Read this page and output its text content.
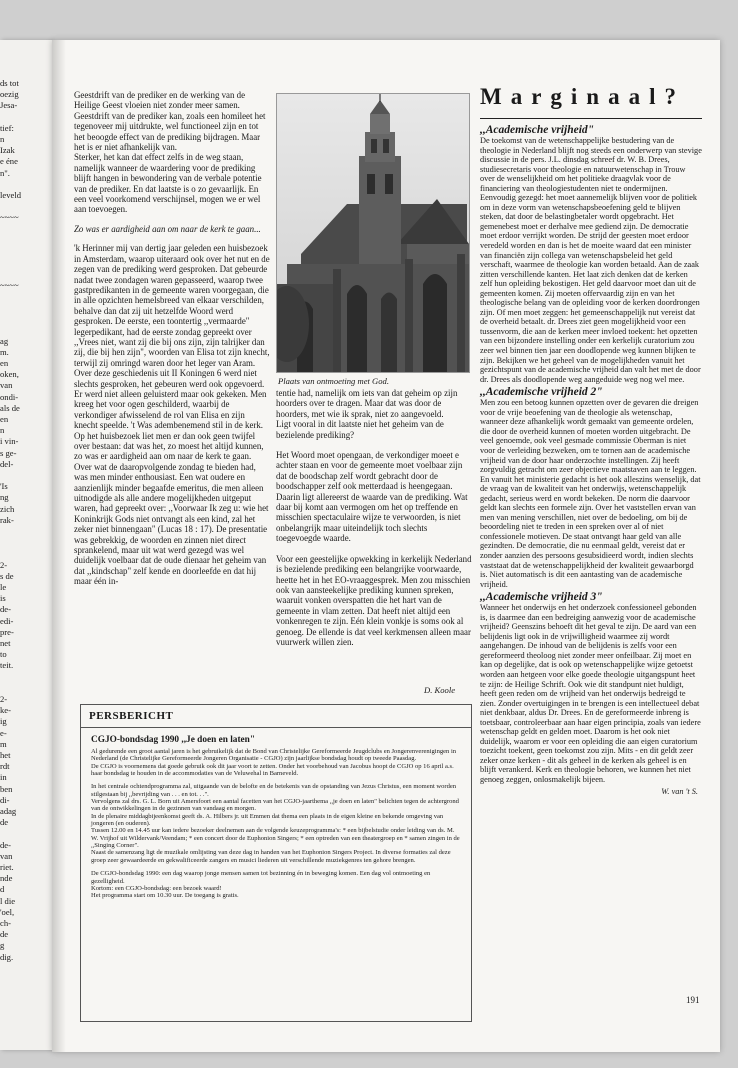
ds tot
oezig
Jesa-
tief:
n
Izak
e éne
n".
leveld
~~~~
~~~~
ag
m.
en
oken,
van
ondi-
als de
en
n
i vin-
s ge-
del-
'Is
ng
zich
rak-
2-
s de
le
is
de-
edi-
pre-
net
to
teit.
2-
ke-
ig
e-
m
het
rdt
in
ben
di-
adag
de
de-
van
riet.
nde
d
l die
'oel,
ch-
de
g
dig.

Geestdrift van de prediker en de werking van de Heilige Geest vloeien niet zonder meer samen. Geestdrift van de prediker kan, zoals een homileet het tegenoveer mij uitdrukte, wel functioneel zijn en tot het beoogde effect van de prediking bijdragen. Maar het is er niet afhankelijk van.

Sterker, het kan dat effect zelfs in de weg staan, namelijk wanneer de waardering voor de prediking blijft hangen in bewondering van de verbale potentie van de prediker. En dat laatste is o zo gevaarlijk. En een veel voorkomend verschijnsel, mogen we er wel aan toevoegen.

Zo was er aardigheid aan om naar de kerk te gaan...

'k Herinner mij van dertig jaar geleden een huisbezoek in Amsterdam, waarop uiteraard ook over het nut en de zegen van de prediking werd gesproken. Dat gebeurde nadat twee zondagen waren gepasseerd, waarop twee gastpredikanten in de gemeente waren voorgegaan, die in alle opzichten hemelsbreed van elkaar verschilden, behalve dan dat zij uit hetzelfde Woord werd gesproken. De eerste, een toontertig ,,vermaarde" legerpedikant, had de eerste zondag gepreekt over ,,Vrees niet, want zij die bij ons zijn, zijn talrijker dan zij, die bij hen zijn", woorden van Elisa tot zijn knecht, terwijl zij omringd waren door het leger van Aram. Over deze geschiedenis uit II Koningen 6 werd niet slechts gesproken, het gebeuren werd ook opgevoerd. Er werd niet alleen geluisterd maar ook gekeken. Men kreeg het voor ogen geschilderd, waarbij de verkondiger afwisselend de rol van Elisa en zijn knecht speelde. 't Was adembenemend stil in de kerk. Op het huisbezoek liet men er dan ook geen twijfel over bestaan: dat was het, zo moest het altijd kunnen, zo was er aardigheid aan om naar de kerk te gaan.

Over wat de daaropvolgende zondag te bieden had, was men minder enthousiast. Een wat oudere en aanzienlijk minder begaafde emeritus, die men alleen uitnodigde als alle andere mogelijkheden uitgeput waren, had gepreekt over: ,,Voorwaar Ik zeg u: wie het Koninkrijk Gods niet ontvangt als een kind, zal het zeker niet binnengaan" (Lucas 18 : 17). De presentatie was gebrekkig, de woorden en zinnen niet direct sprankelend, maar uit wat werd gezegd was wel duidelijk voelbaar dat de oude dienaar het geheim van dat ,,kindschap" zelf kende en doorleefde en dat hij maar één in-

Plaats van ontmoeting met God.

tentie had, namelijk om iets van dat geheim op zijn hoorders over te dragen. Maar dat was door de hoorders, met wie ik sprak, niet zo aangevoeld.

Ligt vooral in dit laatste niet het geheim van de bezielende prediking?

Het Woord moet opengaan, de verkondiger moeet e achter staan en voor de gemeente moet voelbaar zijn dat de boodschap zelf wordt gebracht door de boodschapper zelf ook metterdaad is heengegaan. Daarin ligt allereerst de waarde van de prediking. Wat daar bij komt aan vermogen om het op treffende en misschien spectaculaire wijze te verwoorden, is niet onbelangrijk maar uiteindelijk toch slechts toegevoegde waarde.

Voor een geestelijke opwekking in kerkelijk Nederland is bezielende prediking een belangrijke voorwaarde, heette het in het EO-vraaggesprek. Men zou misschien ook van aansteekelijke prediking kunnen spreken, waaruit vonken overspatten die het hart van de gemeente in vlam zetten. Dat heeft niet altijd een vonkenregen te zijn. Eén klein vonkje is soms ook al genoeg. De ellende is dat veel kerkmensen alleen maar vuurwerk willen zien.

D. Koole
Marginaal?
,,Academische vrijheid"

De toekomst van de wetenschappelijke bestudering van de theologie in Nederland blijft nog steeds een onderwerp van stevige discussie in de pers. J.L. dinsdag schreef dr. W. B. Drees, studiesecretaris voor theologie en natuurwetenschap in Trouw over de wenselijkheid om het politieke draagvlak voor de financiering van theologiestudenten niet te ondermijnen. Eenvoudig gezegd: het moet aannemelijk blijven voor de politiek om in deze vorm van wetenschapsbeoefening geld te blijven steken, dat door de belastingbetaler wordt opgebracht. Het gemenebest moet er derhalve mee gediend zijn. De democratie moet erdoor verrijkt worden. De strijd der geesten moet erdoor veredeld worden en dan is het de moeite waard dat een minister van financiën zijn collega van wetenschapsbeleid het geld verschaft, waarmee de theologie kan worden betaald. Aan de zaak zitten verschillende kanten. Het laat zich denken dat de kerken zelf hun opleiding bekostigen. Het geld daarvoor moet dan uit de gemeenten komen. Zij moeten offervaardig zijn en van het theologische belang van de opleiding voor de kerken doordrongen zijn. Of men moet zeggen: het gemeenschappelijk nut vereist dat de overheid betaalt. dr. Drees ziet geen mogelijkheid voor een tussenvorm, die aan de kerken meer invloed toekent: het opzetten van een bijzondere instelling onder een kerkelijk curatorium zou zeer wel binnen tien jaar een doodlopende weg kunnen blijken te zijn. Bekijken we het geheel van de mogelijkheden vanuit het gezichtspunt van de academische vrijheid dan valt het met de door dr. Drees als doodlopende weg aangeduide weg nog wel mee.

,,Academische vrijheid 2"

Men zou een betoog kunnen opzetten over de gevaren die dreigen voor de vrije beoefening van de theologie als wetenschap, wanneer deze afhankelijk wordt gemaakt van gemeente ordelen, die door de overheid kunnen of moeten worden uitgebracht. De veel genoemde, ook veel gesmade commissie Oberman is niet voor de verleiding bezweken, om te tornen aan de academische vrijheid van de door haar onderzochte instellingen. Zij heeft zorgvuldig getracht om zeer objectieve maatstaven aan te leggen. En vanuit het ministerie gedacht is het ook alleszins wenselijk, dat de vraag van de kwaliteit van het onderwijs, wetenschappelijk gedacht, serieus werd en wordt bekeken. De norm die daarvoor geldt kan slechts een formele zijn. Over het vaststellen ervan van men van mening verschillen, niet over de bedoeling, om bij de beoordeling niet te treden in een spreken over al of niet confessionele motieven. De staat ontvangt haar geld van alle gezindten. De democratie, die nu eenmaal geldt, vereist dat er zonder aanzien des persoons gesubsidieerd wordt, indien slechts vaststaat dat de wetenschappelijkheid der kwaliteit gewaarborgd is. Niet automatisch is dit een aantasting van de academische vrijheid.

,,Academische vrijheid 3"

Wanneer het onderwijs en het onderzoek confessioneel gebonden is, is daarmee dan een bedreiging aanwezig voor de academische vrijheid? Geenszins behoeft dit het geval te zijn. De aard van een belijdenis ligt ook in de vrijwilligheid waarmee zij wordt aangehangen. De inhoud van de belijdenis is zelfs voor een gereformeerd theoloog niet zonder meer onfeilbaar. Zij moet en kan op degelijke, dat is ook op wetenschappelijke wijze getoetst worden aan hetgeen voor elke goede theologie uitgangspunt heet te zijn: de Heilige Schrift. Ook wie dit standpunt niet huldigt, heeft geen reden om de vrijheid van het onderwijs bedreigd te zien. Zonder overtuigingen in te brengen is een intellectueel debat niet denkbaar, aldus Dr. Drees. En de gereformeerde inbreng is toetsbaar, controleerbaar aan haar eigen principia, zoals van iedere wetenschap geldt en gelden moet. Daarom is het ook niet duidelijk, waarom er voor een opleiding die aan eigen curatorium toezicht toekent, geen toekomst zou zijn. Mits - en dit geldt zeer zeker onze kerken - dit als geheel in de kerken als geheel is en blijft verankerd. Kerk en theologie behoren, we kunnen het niet genoeg zeggen, onlosmakelijk bijeen.

W. van 't S.

PERSBERICHT
CGJO-bondsdag 1990 ,,Je doen en laten"

Al gedurende een groot aantal jaren is het gebruikelijk dat de Bond van Christelijke Gereformeerde Jeugdclubs en Jongerenverenigingen in Nederland (de Christelijke Gereformeerde Jongeren Organisatie - CGJO) zijn jaarlijkse bondsdag houdt op tweede Paasdag.

De CGJO is voornemens dat goede gebruik ook dit jaar voort te zetten. Onder het voorbehoud van Jacobus hoopt de CGJO op 16 april a.s. haar bondsdag te houden in de accommodaties van de Veluwehal in Barneveld.

In het centrale ochtendprogramma zal, uitgaande van de belofte en de betekenis van de opstanding van Jezus Christus, een moment worden stilgestaan bij ,,bevrijding van . . . en tot. . .".

Vervolgens zal drs. G. L. Born uit Amersfoort een aantal facetten van het CGJO-jaarthema ,,je doen en laten" belichten tegen de achtergrond van de ontwikkelingen in de gezinnen van vandaag en morgen.

In de plenaire middagbijeenkomst geeft ds. A. Hilbers jr. uit Emmen dat thema een plaats in de eigen kleine en bekende omgeving van jongeren (en ouderen).

Tussen 12.00 en 14.45 uur kan iedere bezoeker deelnemen aan de volgende keuzeprogramma's: * een bijbelstudie onder leiding van ds. M. W. Vrijhof uit Wildervank/Veendam; * een concert door de Euphonion Singers; * een optreden van een theatergroep en * samen zingen in de ,,Singing Corner".

Naast de samenzang ligt de muzikale omlijsting van deze dag in handen van het Euphonion Singers Project. In diverse formaties zal deze groep zeer gewaardeerde en gekwalificeerde zangers en musici liederen uit verschillende muziekgenres ten gehore brengen.

De CGJO-bondsdag 1990: een dag waarop jonge mensen samen tot bezinning én in beweging komen. Een dag vol ontmoeting en gezelligheid.

Kortom: een CGJO-bondsdag: een bezoek waard!

Het programma start om 10.30 uur. De toegang is gratis.

191
